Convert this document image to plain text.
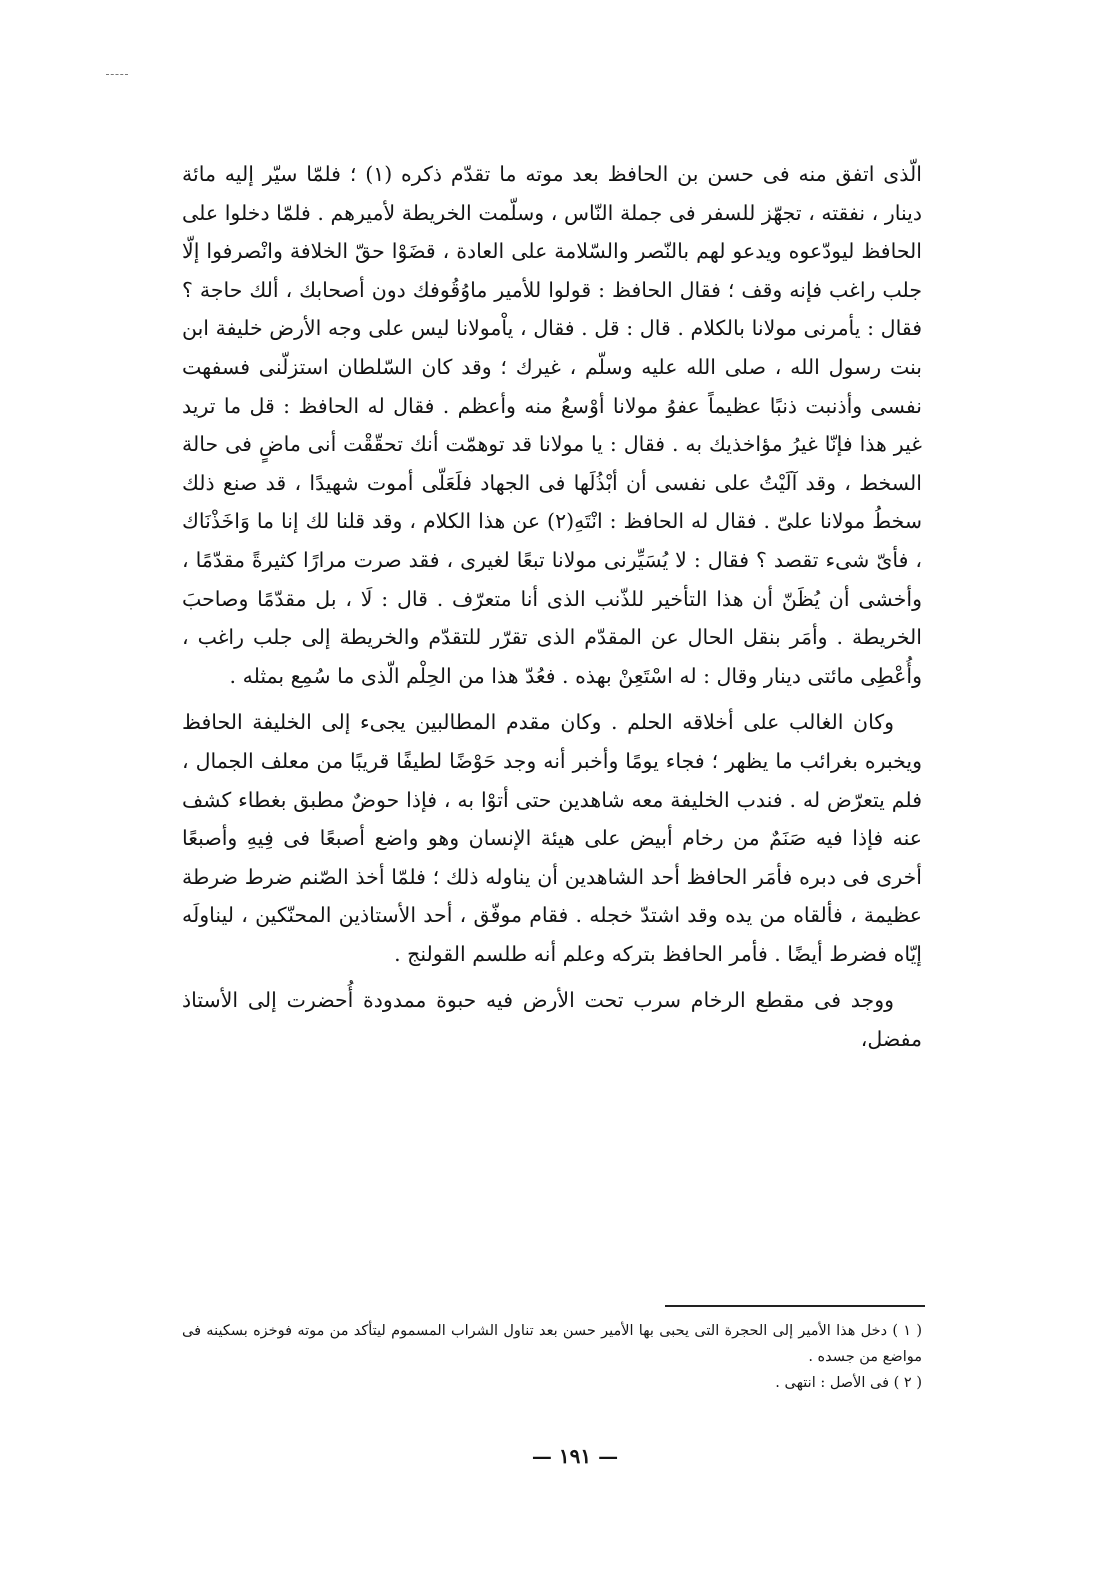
الّذى اتفق منه فى حسن بن الحافظ بعد موته ما تقدّم ذكره (١) ؛ فلمّا سيّر إليه مائة دينار ، نفقته ، تجهّز للسفر فى جملة النّاس ، وسلّمت الخريطة لأميرهم . فلمّا دخلوا على الحافظ ليودّعوه ويدعو لهم بالنّصر والسّلامة على العادة ، قضَوْا حقّ الخلافة وانْصرفوا إلّا جلب راغب فإنه وقف ؛ فقال الحافظ : قولوا للأمير ماوُقُوفك دون أصحابك ، ألك حاجة ؟ فقال : يأمرنى مولانا بالكلام . قال : قل . فقال ، ياْمولانا ليس على وجه الأرض خليفة ابن بنت رسول الله ، صلى الله عليه وسلّم ، غيرك ؛ وقد كان السّلطان استزلّنى فسفهت نفسى وأذنبت ذنبًا عظيماً عفوُ مولانا أوْسعُ منه وأعظم . فقال له الحافظ : قل ما تريد غير هذا فإنّا غيرُ مؤاخذيك به . فقال : يا مولانا قد توهمّت أنك تحقّقْت أنى ماضٍ فى حالة السخط ، وقد آلَيْتُ على نفسى أن أبْذُلَها فى الجهاد فلَعَلّى أموت شهيدًا ، قد صنع ذلك سخطُ مولانا علىّ . فقال له الحافظ : انْتَهِ(٢) عن هذا الكلام ، وقد قلنا لك إنا ما وَاخَذْنَاك ، فأىّ شىء تقصد ؟ فقال : لا يُسَيِّرنى مولانا تبعًا لغيرى ، فقد صرت مرارًا كثيرةً مقدّمًا ، وأخشى أن يُظَنّ أن هذا التأخير للذّنب الذى أنا متعرّف . قال : لَا ، بل مقدّمًا وصاحبَ الخريطة . وأمَر بنقل الحال عن المقدّم الذى تقرّر للتقدّم والخريطة إلى جلب راغب ، وأُعْطِى مائتى دينار وقال : له اسْتَعِنْ بهذه . فعُدّ هذا من الحِلْم الّذى ما سُمِع بمثله .

وكان الغالب على أخلاقه الحلم . وكان مقدم المطالبين يجىء إلى الخليفة الحافظ ويخبره بغرائب ما يظهر ؛ فجاء يومًا وأخبر أنه وجد حَوْضًا لطيفًا قريبًا من معلف الجمال ، فلم يتعرّض له . فندب الخليفة معه شاهدين حتى أتوْا به ، فإذا حوضٌ مطبق بغطاء كشف عنه فإذا فيه صَنَمٌ من رخام أبيض على هيئة الإنسان وهو واضع أصبعًا فى فِيهِ وأصبعًا أخرى فى دبره فأمَر الحافظ أحد الشاهدين أن يناوله ذلك ؛ فلمّا أخذ الصّنم ضرط ضرطة عظيمة ، فألقاه من يده وقد اشتدّ خجله . فقام موفّق ، أحد الأستاذين المحنّكين ، ليناولَه إيّاه فضرط أيضًا . فأمر الحافظ بتركه وعلم أنه طلسم القولنج .

ووجد فى مقطع الرخام سرب تحت الأرض فيه حبوة ممدودة أُحضرت إلى الأستاذ مفضل،

( ١ ) دخل هذا الأمير إلى الحجرة التى يحبى بها الأمير حسن بعد تناول الشراب المسموم ليتأكد من موته فوخزه بسكينه فى مواضع من جسده .

( ٢ ) فى الأصل : انتهى .

— ١٩١ —
